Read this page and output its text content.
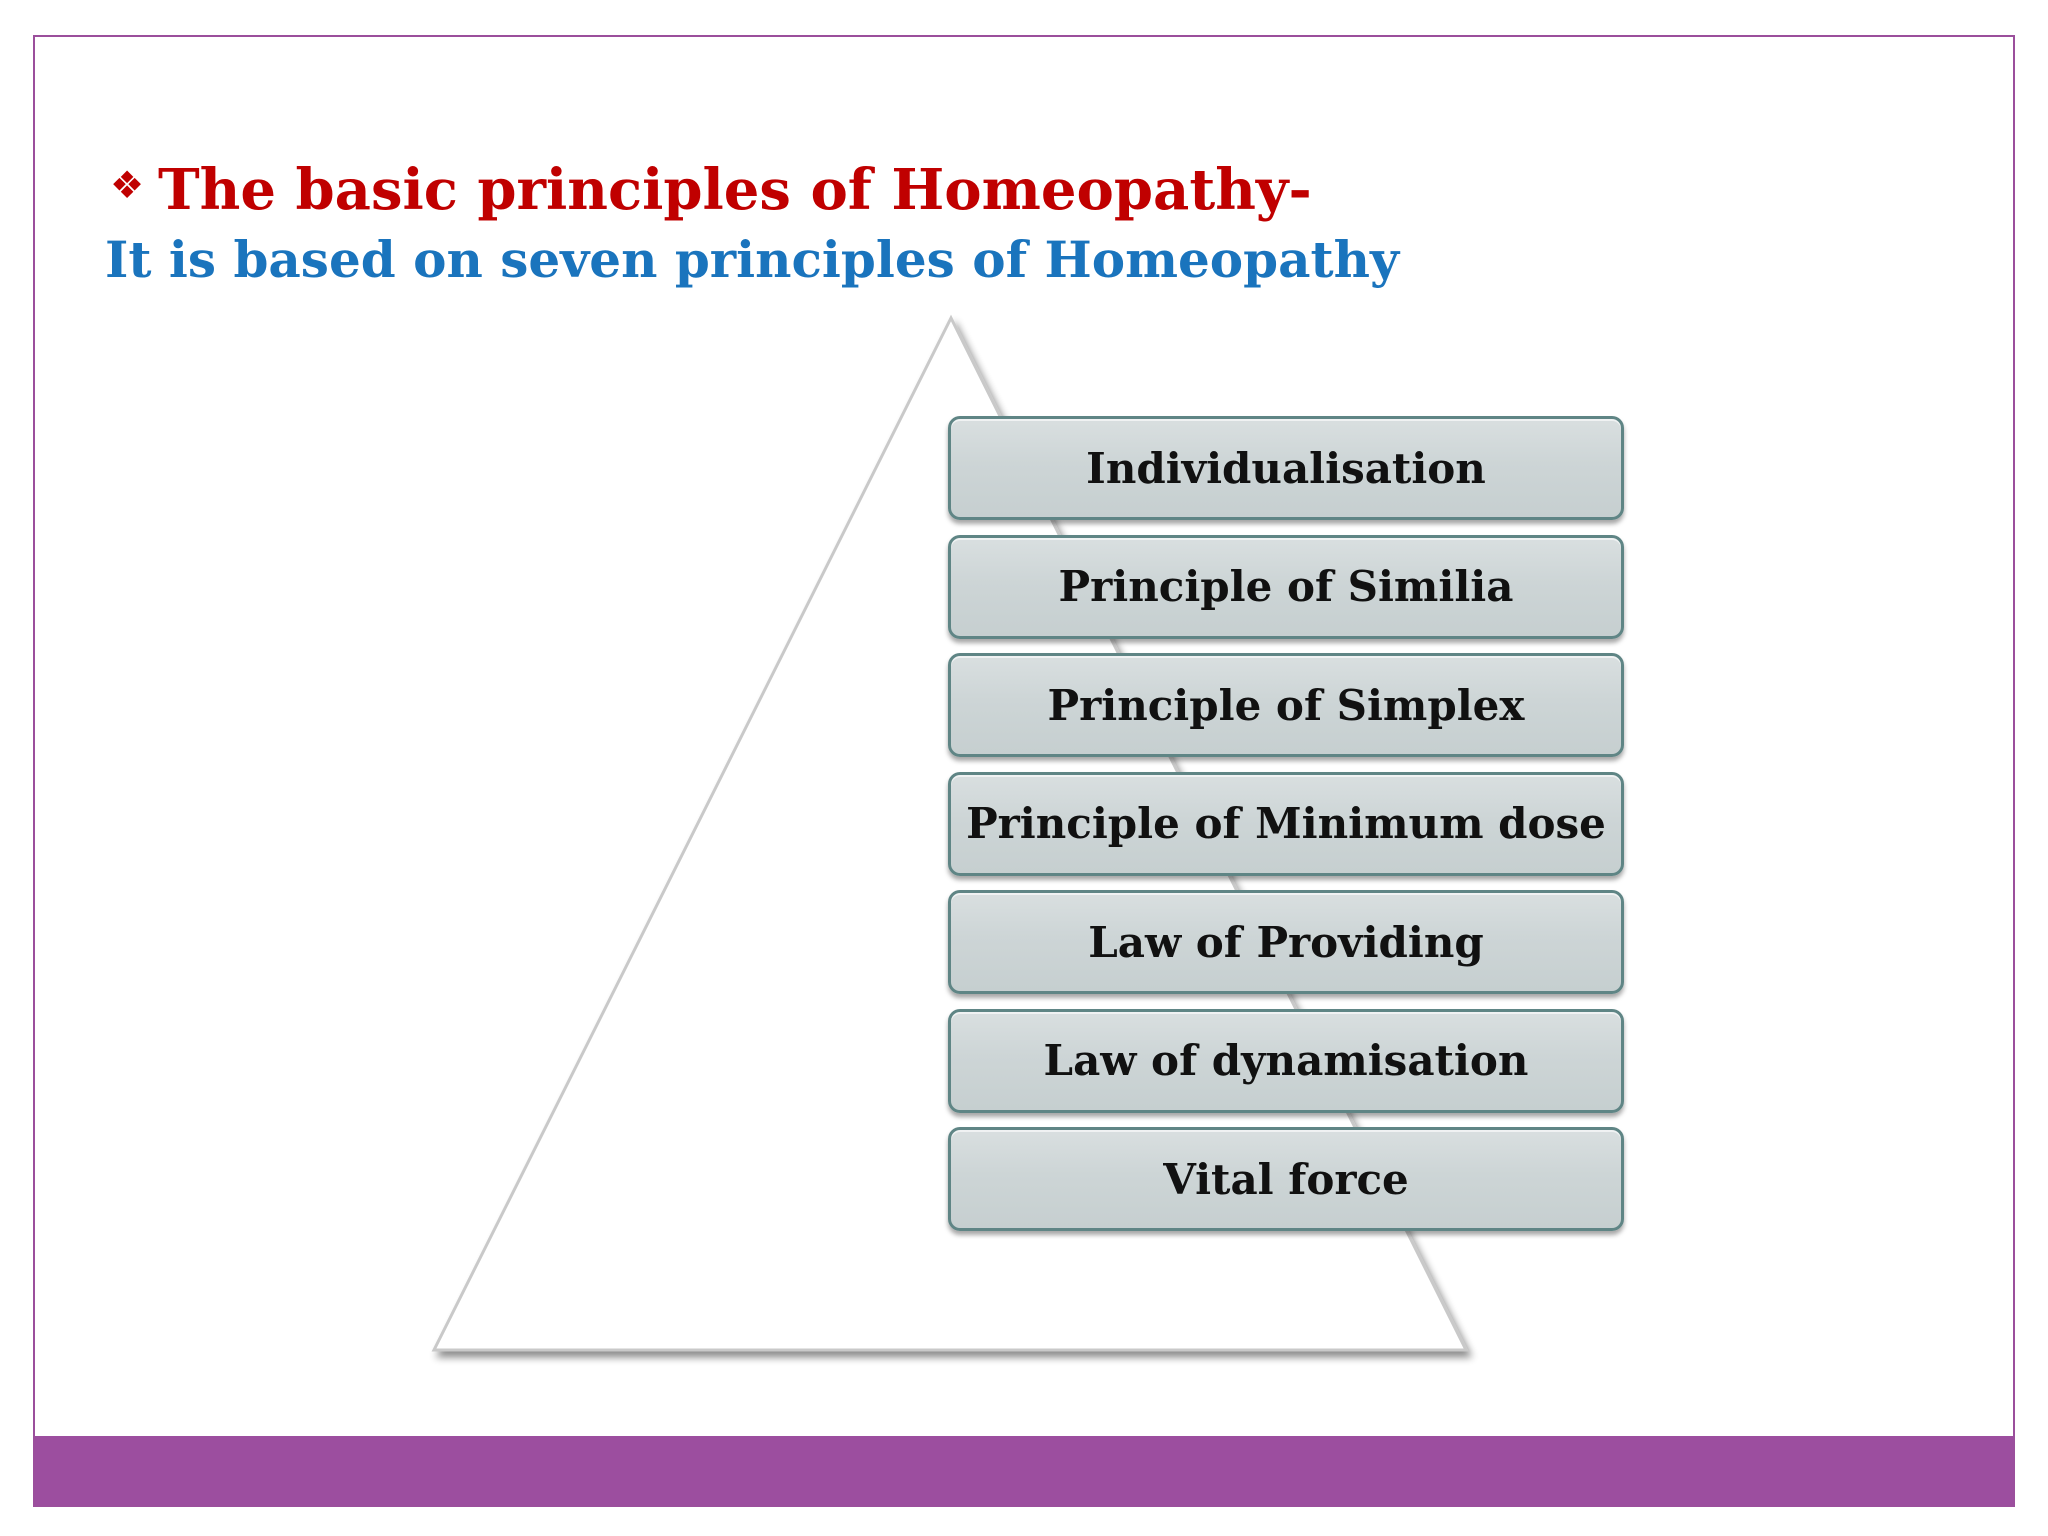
❖ The basic principles of Homeopathy-
It is based on seven principles of Homeopathy
Individualisation
Principle of Similia
Principle of Simplex
Principle of Minimum dose
Law of Providing
Law of dynamisation
Vital force
